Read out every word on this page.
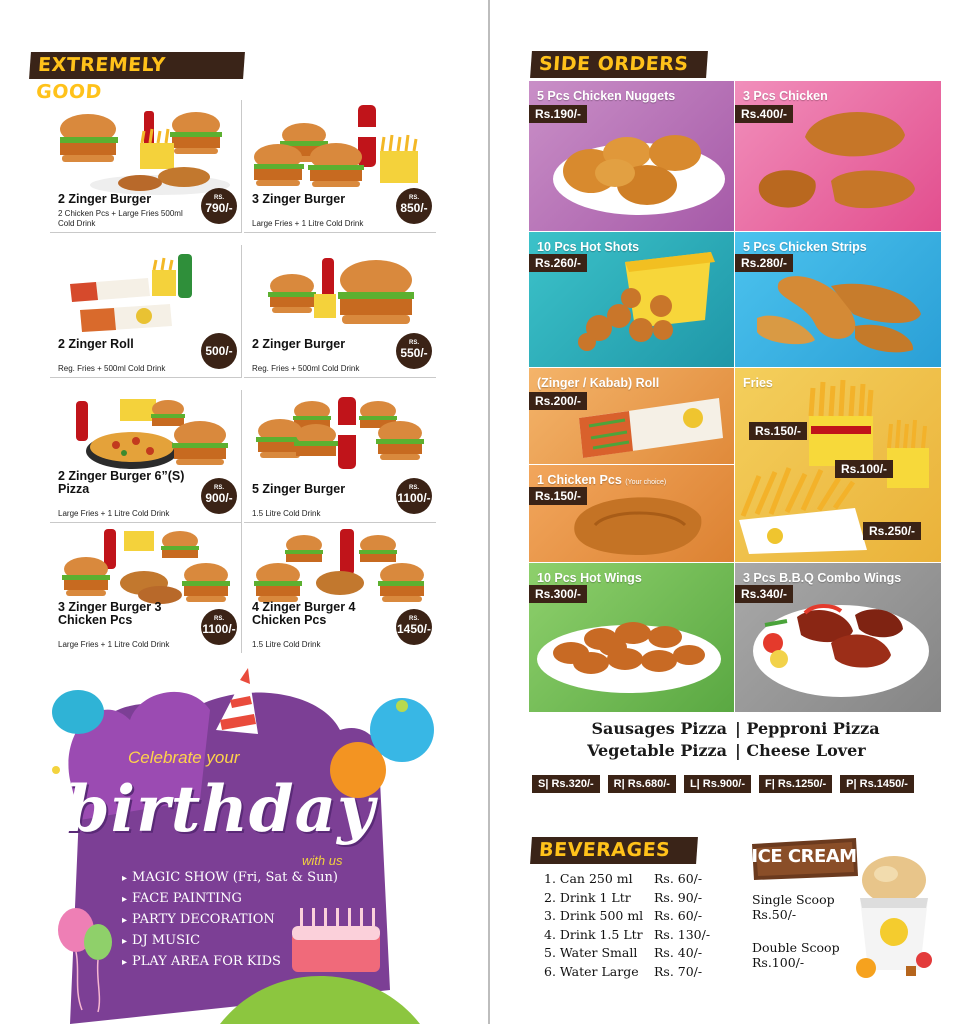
EXTREMELY GOOD
2 Zinger Burger
2 Chicken Pcs + Large Fries 500ml Cold Drink
RS.
790/-
3 Zinger Burger
Large Fries + 1 Litre Cold Drink
RS.
850/-
2 Zinger Roll
Reg. Fries + 500ml Cold Drink
500/-	2 Zinger Burger
Reg. Fries + 500ml Cold Drink
RS.
550/-
2 Zinger Burger 6”(S) Pizza
Large Fries + 1 Litre Cold Drink
RS.
900/-
5 Zinger Burger
1.5 Litre Cold Drink
RS.
1100/-
3 Zinger Burger 3 Chicken Pcs
Large Fries + 1 Litre Cold Drink
RS.
1100/-
4 Zinger Burger 4 Chicken Pcs
1.5 Litre Cold Drink
RS.
1450/-
Celebrate your
birthday
with us
▸ MAGIC SHOW (Fri, Sat & Sun)
▸ FACE PAINTING
▸ PARTY DECORATION
▸ DJ MUSIC
▸ PLAY AREA FOR KIDS
SIDE ORDERS
5 Pcs Chicken Nuggets
Rs.190/-
3 Pcs Chicken
Rs.400/-
10 Pcs Hot Shots
Rs.260/-
5 Pcs Chicken Strips
Rs.280/-
(Zinger / Kabab) Roll
Rs.200/-
Fries
Rs.150/-
Rs.100/-
Rs.250/-
1 Chicken Pcs (Your choice)
Rs.150/-
10 Pcs Hot Wings
Rs.300/-
3 Pcs B.B.Q Combo Wings
Rs.340/-
Sausages Pizza | Pepproni Pizza
Vegetable Pizza | Cheese Lover
S| Rs.320/-	R| Rs.680/-	L| Rs.900/-	F| Rs.1250/-	P| Rs.1450/-
BEVERAGES
1. Can 250 ml	Rs. 60/-
2. Drink 1 Ltr	Rs. 90/-
3. Drink 500 ml Rs. 60/-
4. Drink 1.5 Ltr Rs. 130/-
5. Water Small	Rs. 40/-
6. Water Large	Rs. 70/-
ICE CREAM
Single Scoop
Rs.50/-
Double Scoop
Rs.100/-
